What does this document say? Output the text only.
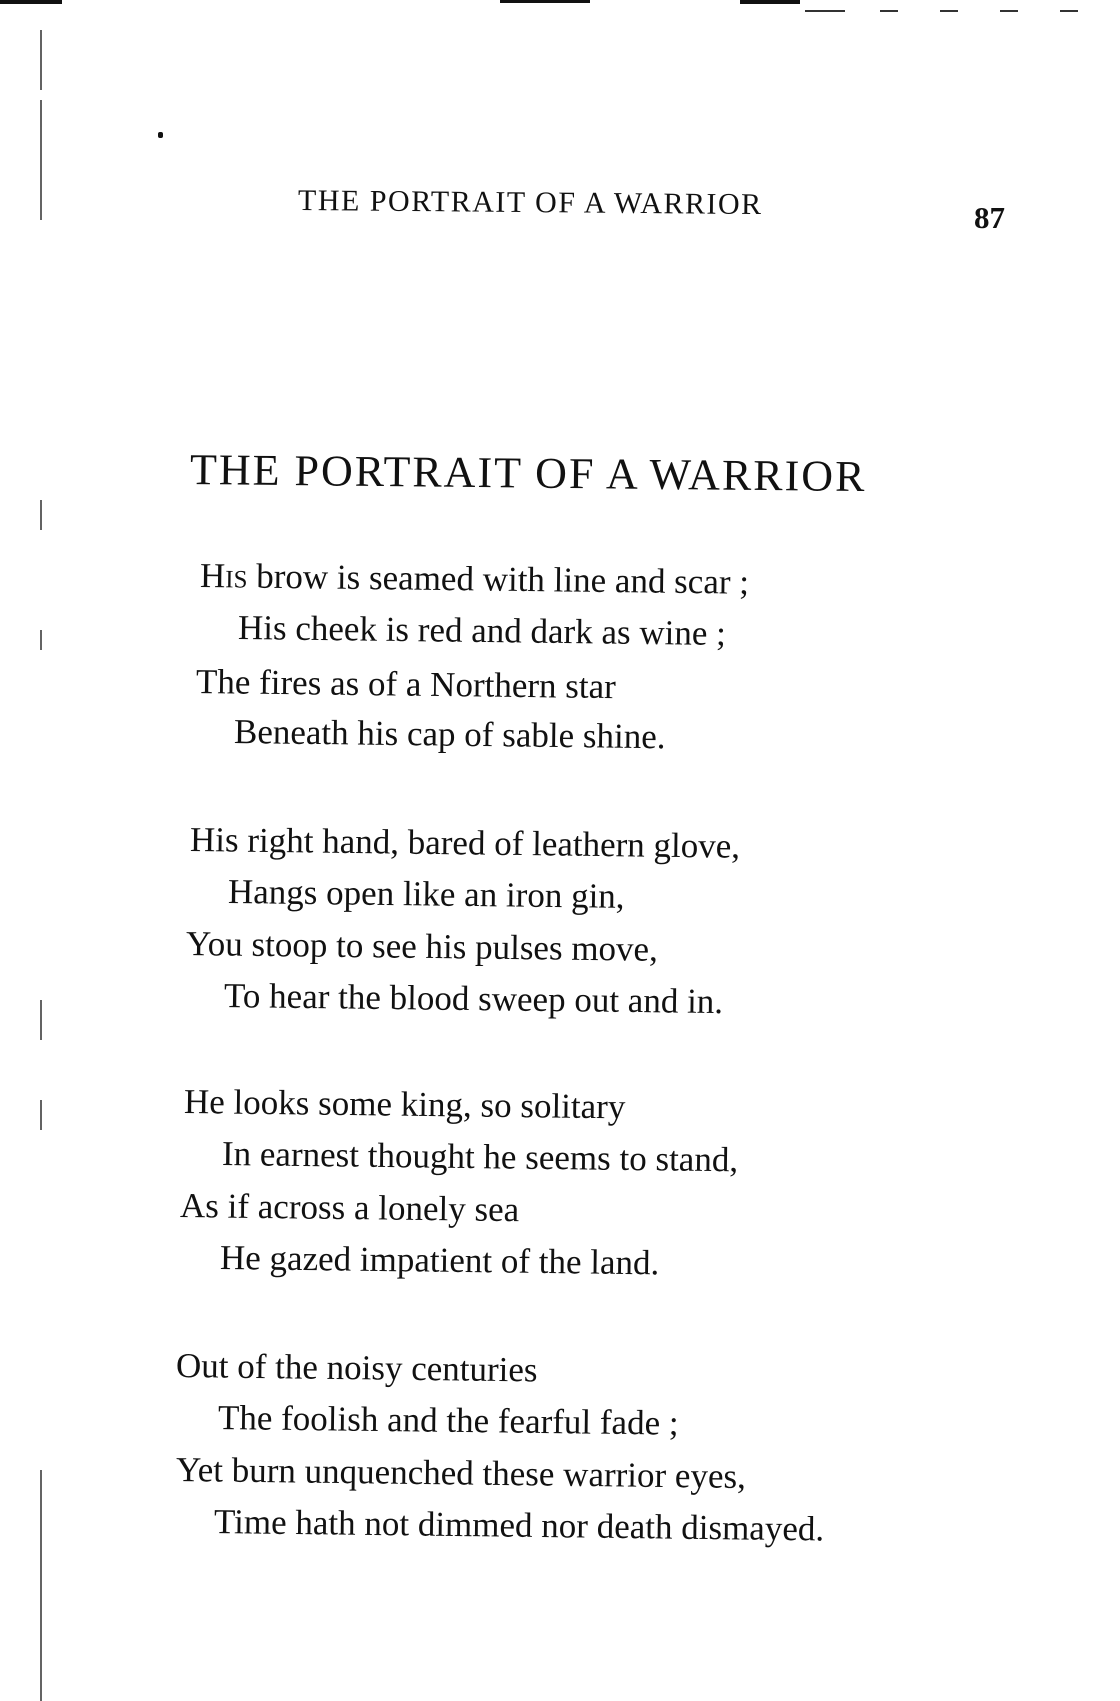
THE PORTRAIT OF A WARRIOR	87
THE PORTRAIT OF A WARRIOR
His brow is seamed with line and scar ;
His cheek is red and dark as wine ;
The fires as of a Northern star
Beneath his cap of sable shine.
His right hand, bared of leathern glove,
Hangs open like an iron gin,
You stoop to see his pulses move,
To hear the blood sweep out and in.
He looks some king, so solitary
In earnest thought he seems to stand,
As if across a lonely sea
He gazed impatient of the land.
Out of the noisy centuries
The foolish and the fearful fade ;
Yet burn unquenched these warrior eyes,
Time hath not dimmed nor death dismayed.
